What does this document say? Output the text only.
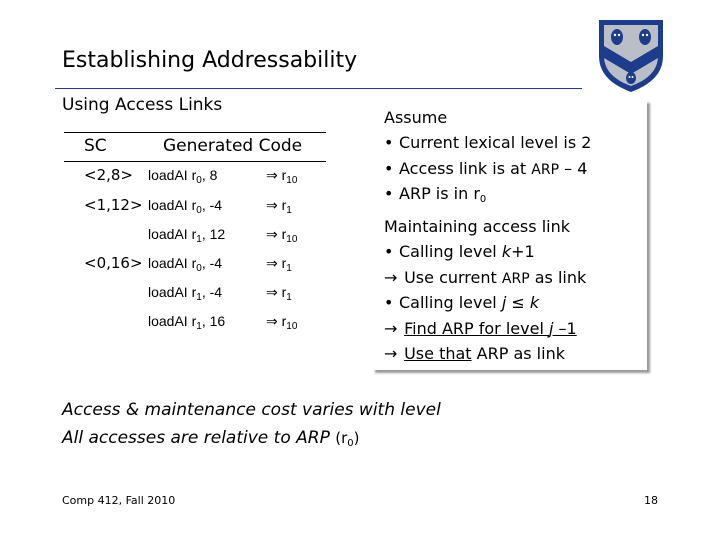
Establishing Addressability
Using Access Links
SC	Generated Code
<2,8> loadAI $r_0$, 8	⇒ $r_{10}$
<1,12> loadAI $r_0$, -4	⇒ $r_1$
loadAI $r_1$, 12	⇒ $r_{10}$
<0,16> loadAI $r_0$, -4	⇒ $r_1$
loadAI $r_1$, -4	⇒ $r_1$
loadAI $r_1$, 16	⇒ $r_{10}$
Assume
• Current lexical level is 2
• Access link is at ARP – 4
• ARP is in $r_0$
Maintaining access link
• Calling level k+1
→ Use current ARP as link
• Calling level j ≤ k
→ Find ARP for level j –1
→ Use that ARP as link
Access & maintenance cost varies with level
All accesses are relative to ARP $(r_0)$
Comp 412, Fall 2010	18
